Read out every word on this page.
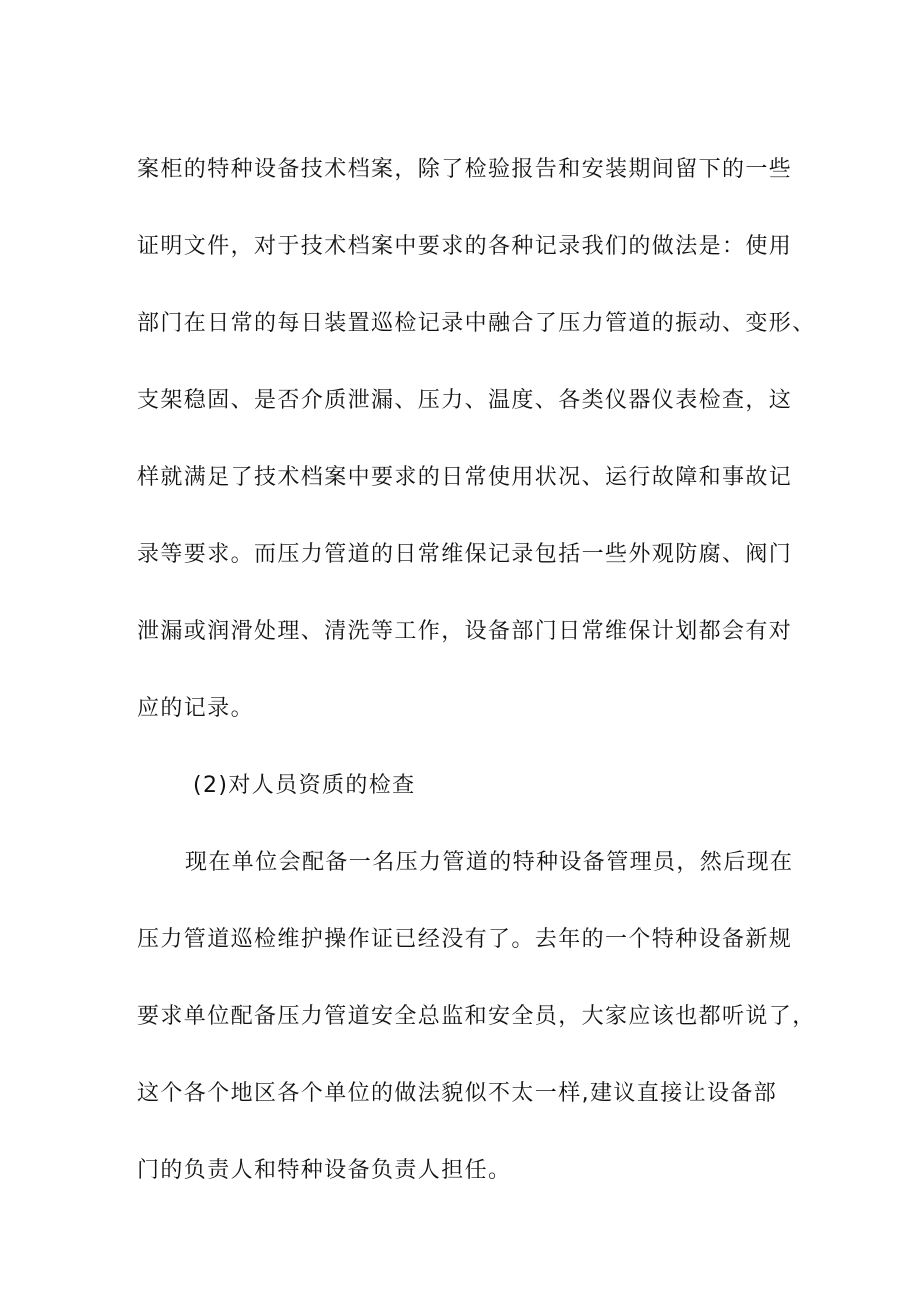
案柜的特种设备技术档案，除了检验报告和安装期间留下的一些
证明文件，对于技术档案中要求的各种记录我们的做法是：使用
部门在日常的每日装置巡检记录中融合了压力管道的振动、变形、
支架稳固、是否介质泄漏、压力、温度、各类仪器仪表检查，这
样就满足了技术档案中要求的日常使用状况、运行故障和事故记
录等要求。而压力管道的日常维保记录包括一些外观防腐、阀门
泄漏或润滑处理、清洗等工作，设备部门日常维保计划都会有对
应的记录。
(2)对人员资质的检查
现在单位会配备一名压力管道的特种设备管理员，然后现在
压力管道巡检维护操作证已经没有了。去年的一个特种设备新规
要求单位配备压力管道安全总监和安全员，大家应该也都听说了，
这个各个地区各个单位的做法貌似不太一样,建议直接让设备部
门的负责人和特种设备负责人担任。
